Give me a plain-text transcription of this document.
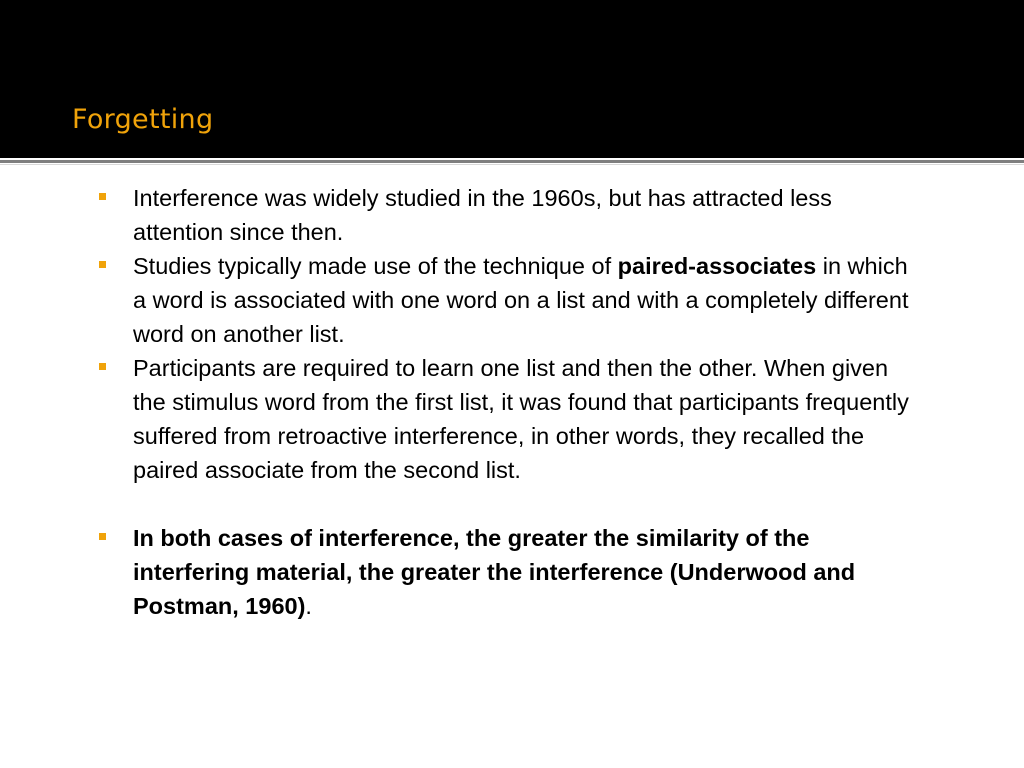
Forgetting

Interference was widely studied in the 1960s, but has attracted less attention since then.

Studies typically made use of the technique of paired-associates in which a word is associated with one word on a list and with a completely different word on another list.

Participants are required to learn one list and then the other. When given the stimulus word from the first list, it was found that participants frequently suffered from retroactive interference, in other words, they recalled the paired associate from the second list.

In both cases of interference, the greater the similarity of the interfering material, the greater the interference (Underwood and Postman, 1960).
